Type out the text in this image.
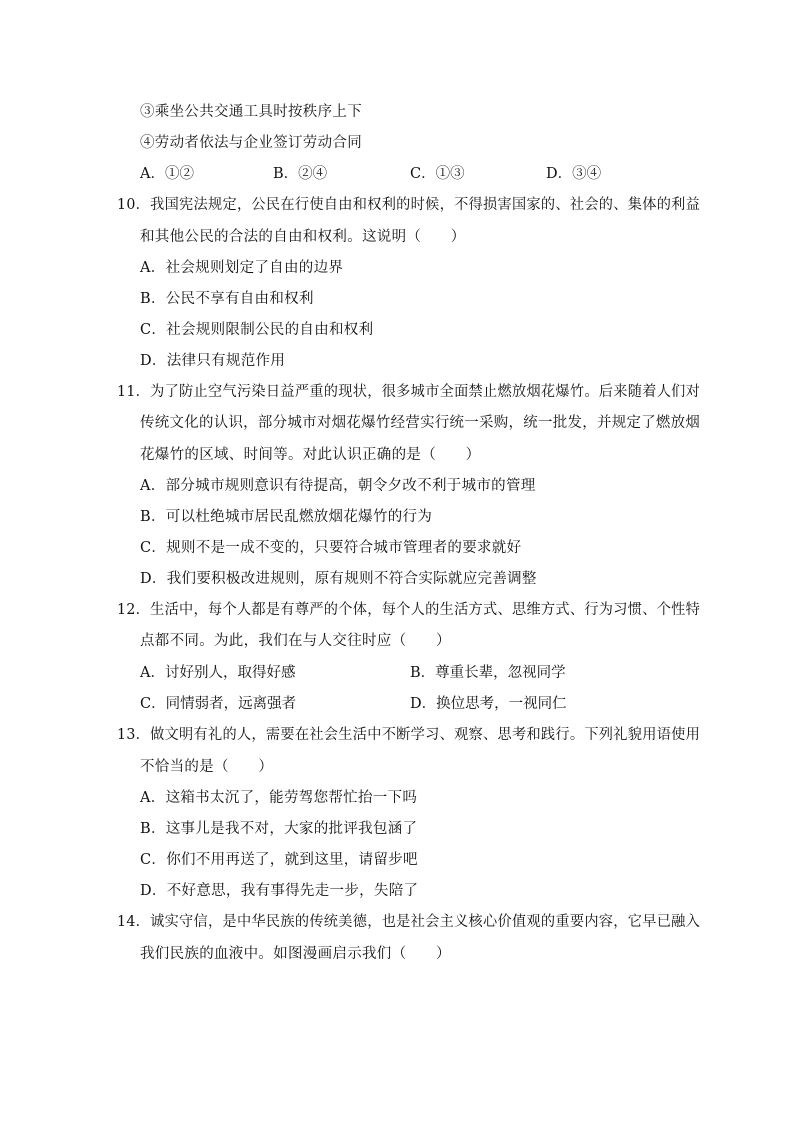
③乘坐公共交通工具时按秩序上下
④劳动者依法与企业签订劳动合同
A．①②	B．②④	C．①③	D．③④
10．我国宪法规定，公民在行使自由和权利的时候，不得损害国家的、社会的、集体的利益
和其他公民的合法的自由和权利。这说明（　　）
A．社会规则划定了自由的边界
B．公民不享有自由和权利
C．社会规则限制公民的自由和权利
D．法律只有规范作用
11．为了防止空气污染日益严重的现状，很多城市全面禁止燃放烟花爆竹。后来随着人们对
传统文化的认识，部分城市对烟花爆竹经营实行统一采购，统一批发，并规定了燃放烟
花爆竹的区域、时间等。对此认识正确的是（　　）
A．部分城市规则意识有待提高，朝令夕改不利于城市的管理
B．可以杜绝城市居民乱燃放烟花爆竹的行为
C．规则不是一成不变的，只要符合城市管理者的要求就好
D．我们要积极改进规则，原有规则不符合实际就应完善调整
12．生活中，每个人都是有尊严的个体，每个人的生活方式、思维方式、行为习惯、个性特
点都不同。为此，我们在与人交往时应（　　）
A．讨好别人，取得好感	B．尊重长辈，忽视同学
C．同情弱者，远离强者	D．换位思考，一视同仁
13．做文明有礼的人，需要在社会生活中不断学习、观察、思考和践行。下列礼貌用语使用
不恰当的是（　　）
A．这箱书太沉了，能劳驾您帮忙抬一下吗
B．这事儿是我不对，大家的批评我包涵了
C．你们不用再送了，就到这里，请留步吧
D．不好意思，我有事得先走一步，失陪了
14．诚实守信，是中华民族的传统美德，也是社会主义核心价值观的重要内容，它早已融入
我们民族的血液中。如图漫画启示我们（　　）
